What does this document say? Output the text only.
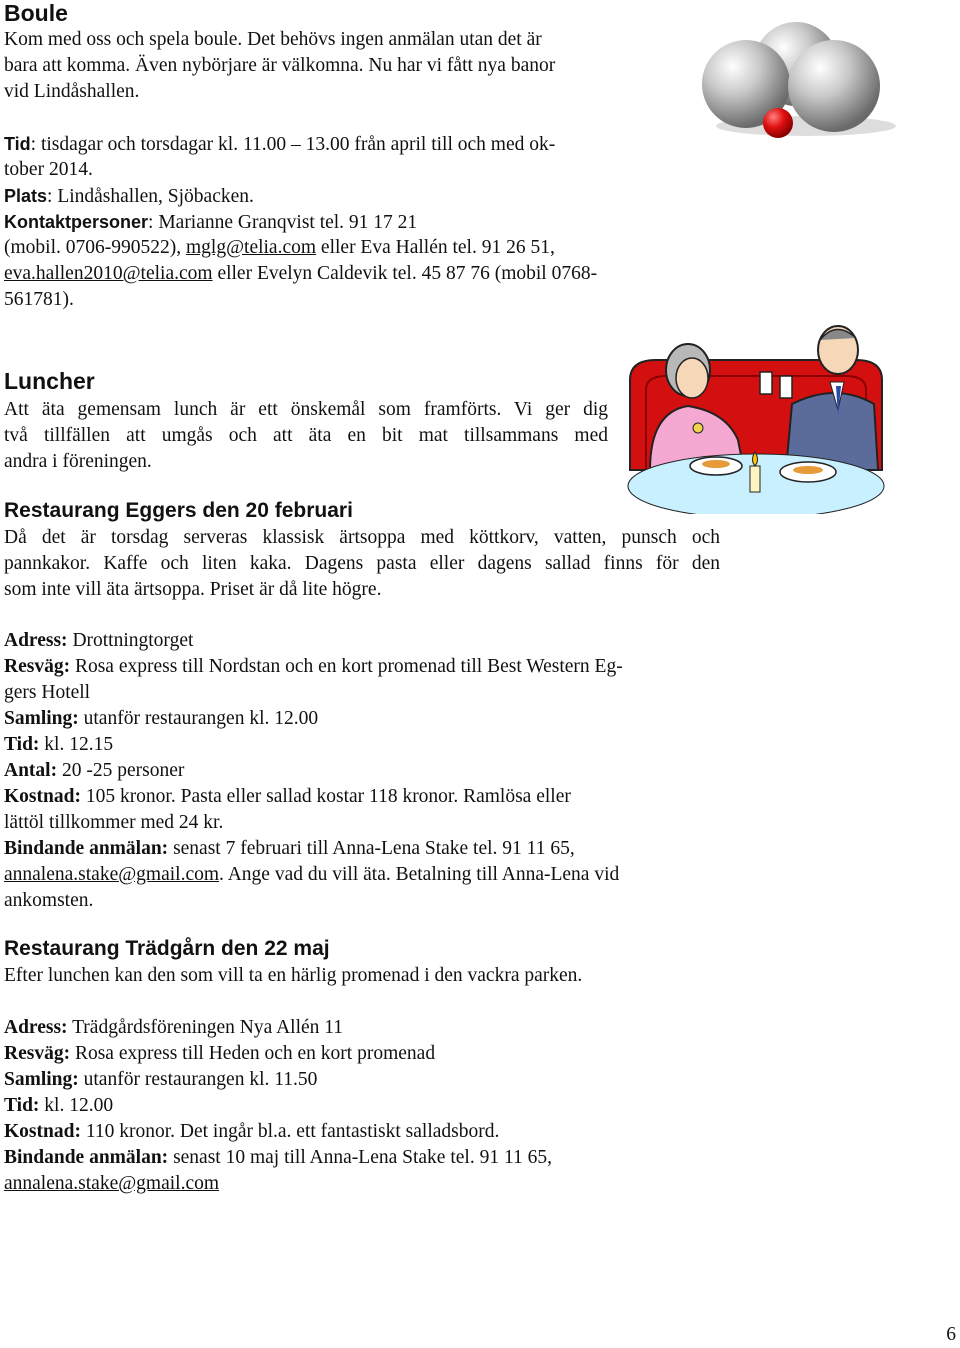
Boule
Kom med oss och spela boule. Det behövs ingen anmälan utan det är
bara att komma. Även nybörjare är välkomna. Nu har vi fått nya banor
vid Lindåshallen.
Tid: tisdagar och torsdagar kl. 11.00 – 13.00 från april till och med ok-
tober 2014.
Plats: Lindåshallen, Sjöbacken.
Kontaktpersoner: Marianne Granqvist tel. 91 17 21
(mobil. 0706-990522), mglg@telia.com eller Eva Hallén tel. 91 26 51,
eva.hallen2010@telia.com eller Evelyn Caldevik tel. 45 87 76 (mobil 0768-
561781).
Luncher
Att äta gemensam lunch är ett önskemål som framförts. Vi ger dig
två tillfällen att umgås och att äta en bit mat tillsammans med
andra i föreningen.
Restaurang Eggers den 20 februari
Då det är torsdag serveras klassisk ärtsoppa med köttkorv, vatten, punsch och
pannkakor. Kaffe och liten kaka. Dagens pasta eller dagens sallad finns för den
som inte vill äta ärtsoppa. Priset är då lite högre.
Adress: Drottningtorget
Resväg: Rosa express till Nordstan och en kort promenad till Best Western Eg-
gers Hotell
Samling: utanför restaurangen kl. 12.00
Tid: kl. 12.15
Antal: 20 -25 personer
Kostnad: 105 kronor. Pasta eller sallad kostar 118 kronor. Ramlösa eller
lättöl tillkommer med 24 kr.
Bindande anmälan: senast 7 februari till Anna-Lena Stake tel. 91 11 65,
annalena.stake@gmail.com. Ange vad du vill äta. Betalning till Anna-Lena vid
ankomsten.
Restaurang Trädgårn den 22 maj
Efter lunchen kan den som vill ta en härlig promenad i den vackra parken.
Adress: Trädgårdsföreningen Nya Allén 11
Resväg: Rosa express till Heden och en kort promenad
Samling: utanför restaurangen kl. 11.50
Tid: kl. 12.00
Kostnad: 110 kronor. Det ingår bl.a. ett fantastiskt salladsbord.
Bindande anmälan: senast 10 maj till Anna-Lena Stake tel. 91 11 65,
annalena.stake@gmail.com
6
